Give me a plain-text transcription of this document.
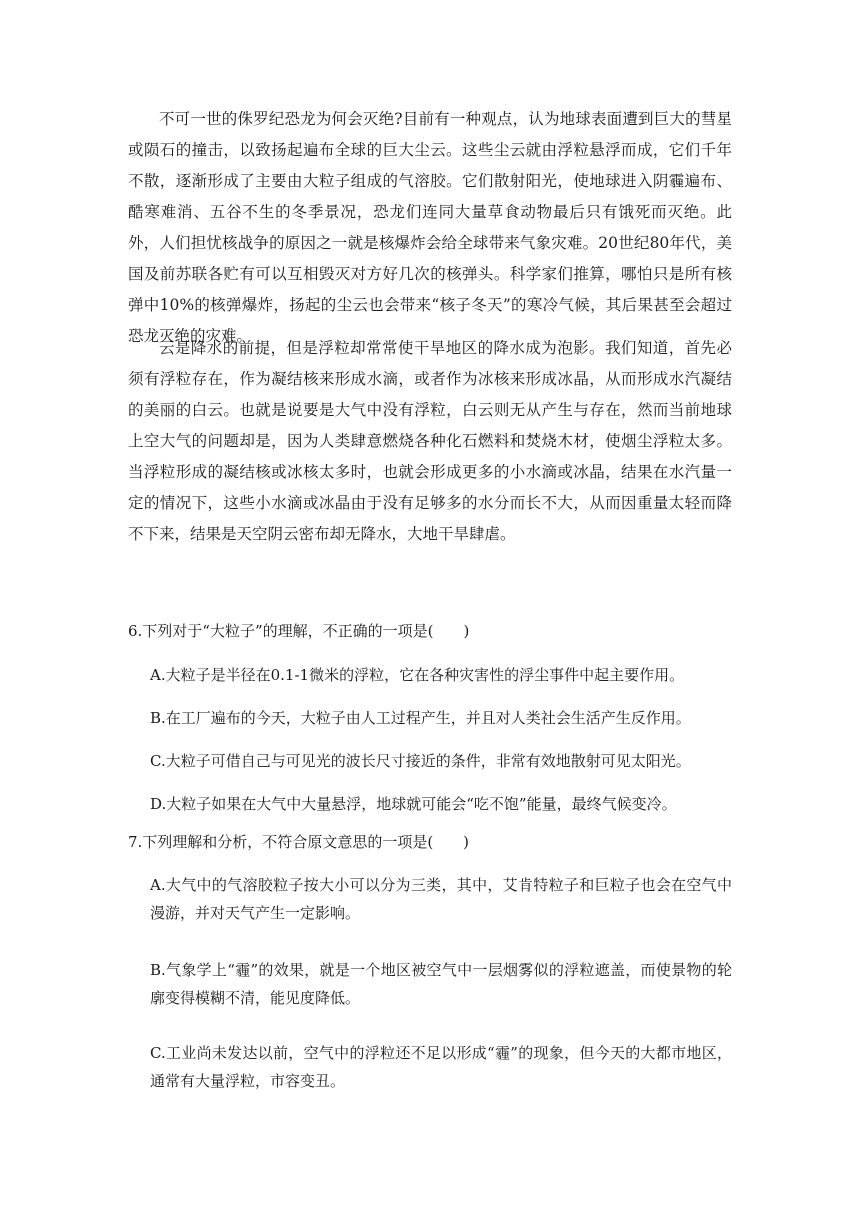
不可一世的侏罗纪恐龙为何会灭绝?目前有一种观点，认为地球表面遭到巨大的彗星或陨石的撞击，以致扬起遍布全球的巨大尘云。这些尘云就由浮粒悬浮而成，它们千年不散，逐渐形成了主要由大粒子组成的气溶胶。它们散射阳光，使地球进入阴霾遍布、酷寒难消、五谷不生的冬季景况，恐龙们连同大量草食动物最后只有饿死而灭绝。此外，人们担忧核战争的原因之一就是核爆炸会给全球带来气象灾难。20世纪80年代，美国及前苏联各贮有可以互相毁灭对方好几次的核弹头。科学家们推算，哪怕只是所有核弹中10%的核弹爆炸，扬起的尘云也会带来“核子冬天”的寒冷气候，其后果甚至会超过恐龙灭绝的灾难。

云是降水的前提，但是浮粒却常常使干旱地区的降水成为泡影。我们知道，首先必须有浮粒存在，作为凝结核来形成水滴，或者作为冰核来形成冰晶，从而形成水汽凝结的美丽的白云。也就是说要是大气中没有浮粒，白云则无从产生与存在，然而当前地球上空大气的问题却是，因为人类肆意燃烧各种化石燃料和焚烧木材，使烟尘浮粒太多。当浮粒形成的凝结核或冰核太多时，也就会形成更多的小水滴或冰晶，结果在水汽量一定的情况下，这些小水滴或冰晶由于没有足够多的水分而长不大，从而因重量太轻而降不下来，结果是天空阴云密布却无降水，大地干旱肆虐。

6.下列对于“大粒子”的理解，不正确的一项是(　　)

A.大粒子是半径在0.1-1微米的浮粒，它在各种灾害性的浮尘事件中起主要作用。

B.在工厂遍布的今天，大粒子由人工过程产生，并且对人类社会生活产生反作用。

C.大粒子可借自己与可见光的波长尺寸接近的条件，非常有效地散射可见太阳光。

D.大粒子如果在大气中大量悬浮，地球就可能会“吃不饱”能量，最终气候变冷。

7.下列理解和分析，不符合原文意思的一项是(　　)

A.大气中的气溶胶粒子按大小可以分为三类，其中，艾肯特粒子和巨粒子也会在空气中漫游，并对天气产生一定影响。

B.气象学上“霾”的效果，就是一个地区被空气中一层烟雾似的浮粒遮盖，而使景物的轮廓变得模糊不清，能见度降低。

C.工业尚未发达以前，空气中的浮粒还不足以形成“霾”的现象，但今天的大都市地区，通常有大量浮粒，市容变丑。
